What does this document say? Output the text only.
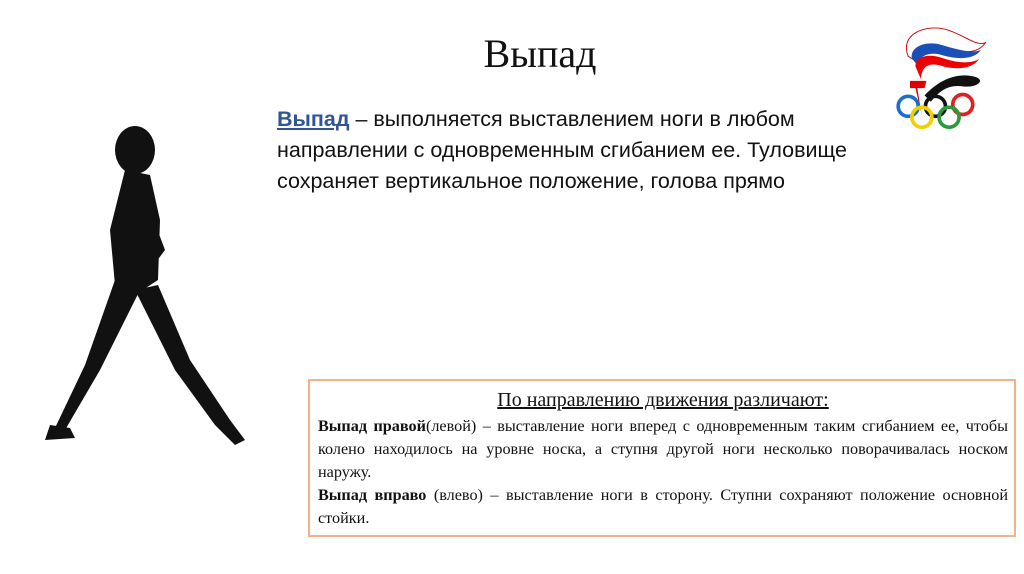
Выпад
Выпад – выполняется выставлением ноги в любом направлении с одновременным сгибанием ее. Туловище сохраняет вертикальное положение, голова прямо
По направлению движения различают:
Выпад правой(левой) – выставление ноги вперед с одновременным таким сгибанием ее, чтобы колено находилось на уровне носка, а ступня другой ноги несколько поворачивалась носком наружу.
Выпад вправо (влево) – выставление ноги в сторону. Ступни сохраняют положение основной стойки.
